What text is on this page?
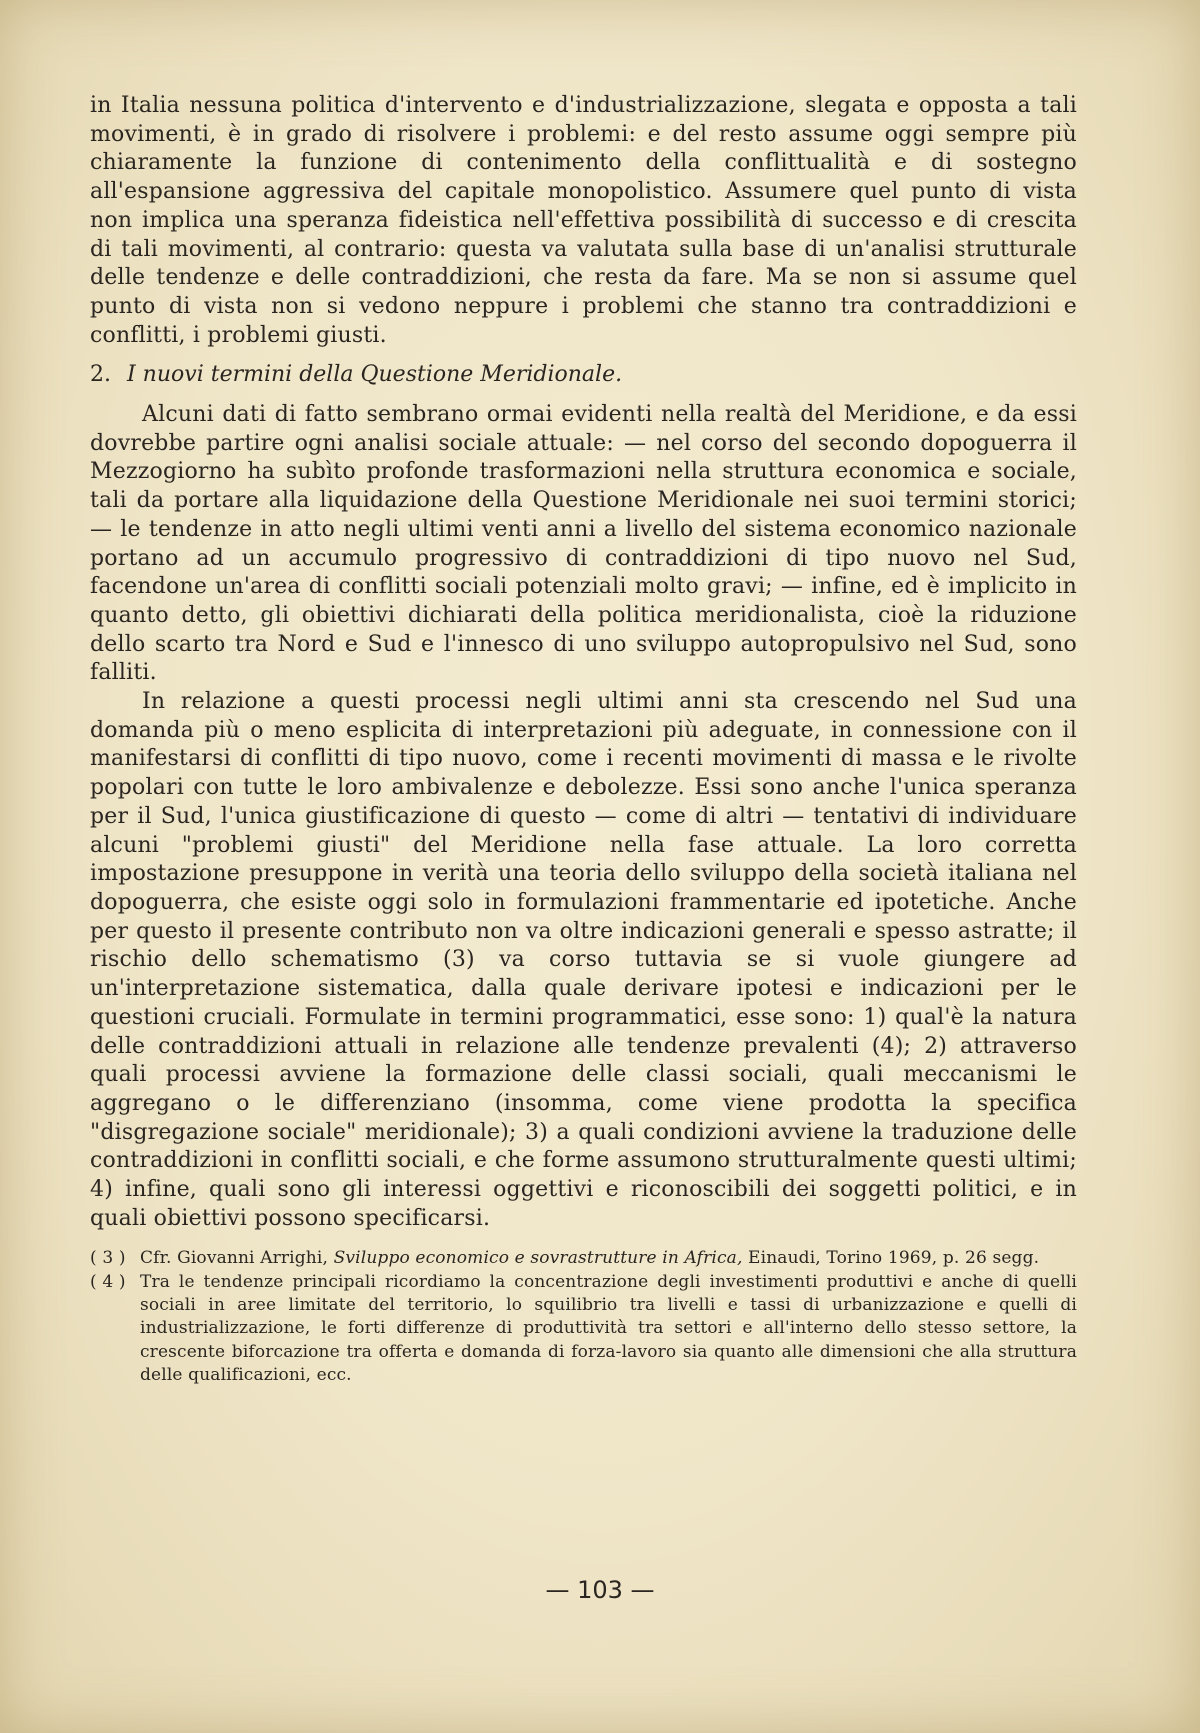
in Italia nessuna politica d'intervento e d'industrializzazione, slegata e opposta a tali movimenti, è in grado di risolvere i problemi: e del resto assume oggi sempre più chiaramente la funzione di contenimento della conflittualità e di sostegno all'espansione aggressiva del capitale monopolistico. Assumere quel punto di vista non implica una speranza fideistica nell'effettiva possibilità di successo e di crescita di tali movimenti, al contrario: questa va valutata sulla base di un'analisi strutturale delle tendenze e delle contraddizioni, che resta da fare. Ma se non si assume quel punto di vista non si vedono neppure i problemi che stanno tra contraddizioni e conflitti, i problemi giusti.

2. I nuovi termini della Questione Meridionale.

Alcuni dati di fatto sembrano ormai evidenti nella realtà del Meridione, e da essi dovrebbe partire ogni analisi sociale attuale: — nel corso del secondo dopoguerra il Mezzogiorno ha subìto profonde trasformazioni nella struttura economica e sociale, tali da portare alla liquidazione della Questione Meridionale nei suoi termini storici; — le tendenze in atto negli ultimi venti anni a livello del sistema economico nazionale portano ad un accumulo progressivo di contraddizioni di tipo nuovo nel Sud, facendone un'area di conflitti sociali potenziali molto gravi; — infine, ed è implicito in quanto detto, gli obiettivi dichiarati della politica meridionalista, cioè la riduzione dello scarto tra Nord e Sud e l'innesco di uno sviluppo autopropulsivo nel Sud, sono falliti.

In relazione a questi processi negli ultimi anni sta crescendo nel Sud una domanda più o meno esplicita di interpretazioni più adeguate, in connessione con il manifestarsi di conflitti di tipo nuovo, come i recenti movimenti di massa e le rivolte popolari con tutte le loro ambivalenze e debolezze. Essi sono anche l'unica speranza per il Sud, l'unica giustificazione di questo — come di altri — tentativi di individuare alcuni "problemi giusti" del Meridione nella fase attuale. La loro corretta impostazione presuppone in verità una teoria dello sviluppo della società italiana nel dopoguerra, che esiste oggi solo in formulazioni frammentarie ed ipotetiche. Anche per questo il presente contributo non va oltre indicazioni generali e spesso astratte; il rischio dello schematismo (3) va corso tuttavia se si vuole giungere ad un'interpretazione sistematica, dalla quale derivare ipotesi e indicazioni per le questioni cruciali. Formulate in termini programmatici, esse sono: 1) qual'è la natura delle contraddizioni attuali in relazione alle tendenze prevalenti (4); 2) attraverso quali processi avviene la formazione delle classi sociali, quali meccanismi le aggregano o le differenziano (insomma, come viene prodotta la specifica "disgregazione sociale" meridionale); 3) a quali condizioni avviene la traduzione delle contraddizioni in conflitti sociali, e che forme assumono strutturalmente questi ultimi; 4) infine, quali sono gli interessi oggettivi e riconoscibili dei soggetti politici, e in quali obiettivi possono specificarsi.

( 3 ) Cfr. Giovanni Arrighi, Sviluppo economico e sovrastrutture in Africa, Einaudi, Torino 1969, p. 26 segg.
( 4 ) Tra le tendenze principali ricordiamo la concentrazione degli investimenti produttivi e anche di quelli sociali in aree limitate del territorio, lo squilibrio tra livelli e tassi di urbanizzazione e quelli di industrializzazione, le forti differenze di produttività tra settori e all'interno dello stesso settore, la crescente biforcazione tra offerta e domanda di forza-lavoro sia quanto alle dimensioni che alla struttura delle qualificazioni, ecc.
— 103 —
